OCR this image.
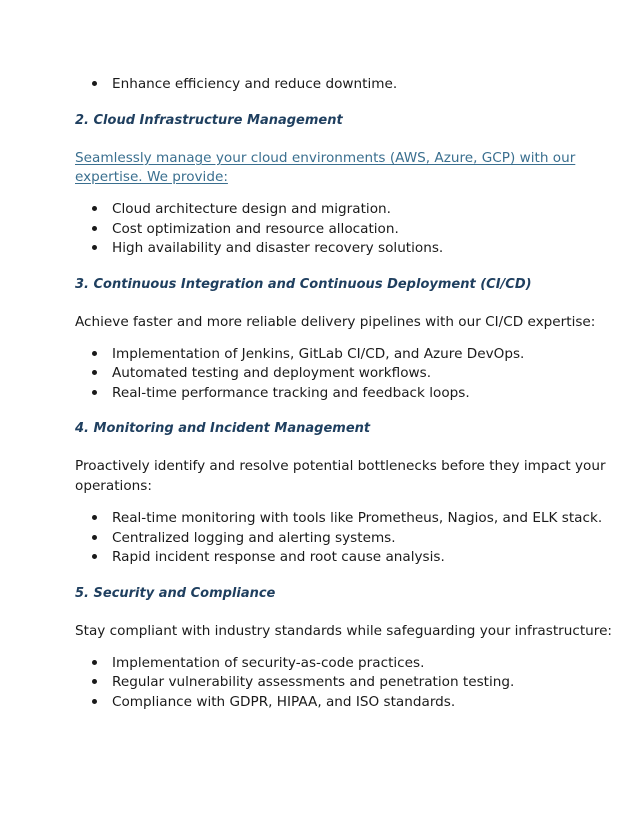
Enhance efficiency and reduce downtime.
2. Cloud Infrastructure Management
Seamlessly manage your cloud environments (AWS, Azure, GCP) with our
expertise. We provide:
Cloud architecture design and migration.
Cost optimization and resource allocation.
High availability and disaster recovery solutions.
3. Continuous Integration and Continuous Deployment (CI/CD)
Achieve faster and more reliable delivery pipelines with our CI/CD expertise:
Implementation of Jenkins, GitLab CI/CD, and Azure DevOps.
Automated testing and deployment workflows.
Real-time performance tracking and feedback loops.
4. Monitoring and Incident Management
Proactively identify and resolve potential bottlenecks before they impact your
operations:
Real-time monitoring with tools like Prometheus, Nagios, and ELK stack.
Centralized logging and alerting systems.
Rapid incident response and root cause analysis.
5. Security and Compliance
Stay compliant with industry standards while safeguarding your infrastructure:
Implementation of security-as-code practices.
Regular vulnerability assessments and penetration testing.
Compliance with GDPR, HIPAA, and ISO standards.
